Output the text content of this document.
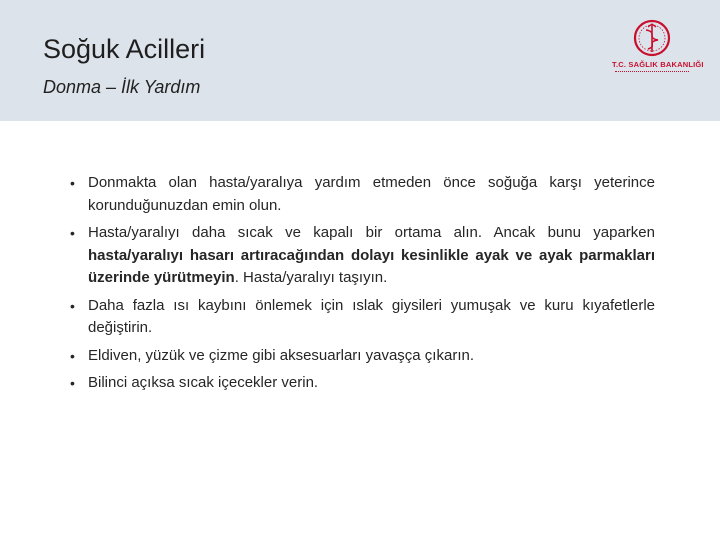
Soğuk Acilleri
Donma – İlk Yardım
T.C. SAĞLIK BAKANLIĞI
• Donmakta olan hasta/yaralıya yardım etmeden önce soğuğa karşı yeterince korunduğunuzdan emin olun.
• Hasta/yaralıyı daha sıcak ve kapalı bir ortama alın. Ancak bunu yaparken hasta/yaralıyı hasarı artıracağından dolayı kesinlikle ayak ve ayak parmakları üzerinde yürütmeyin. Hasta/yaralıyı taşıyın.
• Daha fazla ısı kaybını önlemek için ıslak giysileri yumuşak ve kuru kıyafetlerle değiştirin.
• Eldiven, yüzük ve çizme gibi aksesuarları yavaşça çıkarın.
• Bilinci açıksa sıcak içecekler verin.
